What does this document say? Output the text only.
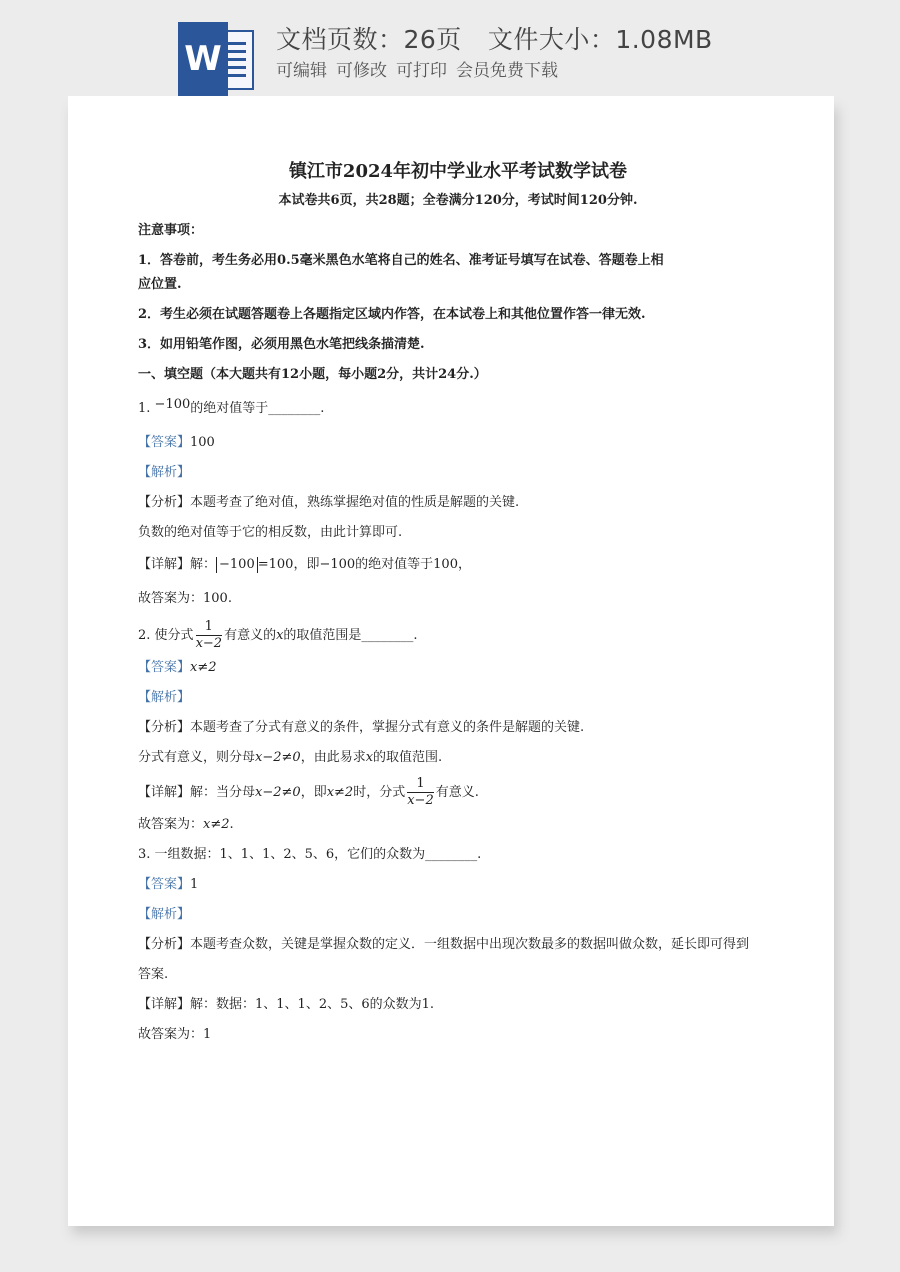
W 文档页数：26页 文件大小：1.08MB
可编辑 可修改 可打印 会员免费下载
镇江市2024年初中学业水平考试数学试卷
本试卷共6页，共28题；全卷满分120分，考试时间120分钟.
注意事项：
1．答卷前，考生务必用0.5毫米黑色水笔将自己的姓名、准考证号填写在试卷、答题卷上相
应位置.
2．考生必须在试题答题卷上各题指定区域内作答，在本试卷上和其他位置作答一律无效.
3．如用铅笔作图，必须用黑色水笔把线条描清楚.
一、填空题（本大题共有12小题，每小题2分，共计24分.）
1. −100的绝对值等于________.
【答案】100
【解析】
【分析】本题考查了绝对值，熟练掌握绝对值的性质是解题的关键.
负数的绝对值等于它的相反数，由此计算即可.
【详解】解： −100 =100，即−100的绝对值等于100，
故答案为：100.
2. 使分式 $\frac{1}{x-2}$ 有意义的x的取值范围是________.
【答案】x≠2
【解析】
【分析】本题考查了分式有意义的条件，掌握分式有意义的条件是解题的关键.
分式有意义，则分母x−2≠0，由此易求x的取值范围.
【详解】解：当分母x−2≠0，即x≠2时，分式 $\frac{1}{x-2}$ 有意义.
故答案为：x≠2.
3. 一组数据：1、1、1、2、5、6，它们的众数为________.
【答案】1
【解析】
【分析】本题考查众数，关键是掌握众数的定义．一组数据中出现次数最多的数据叫做众数，延长即可得到
答案.
【详解】解：数据：1、1、1、2、5、6的众数为1.
故答案为：1
